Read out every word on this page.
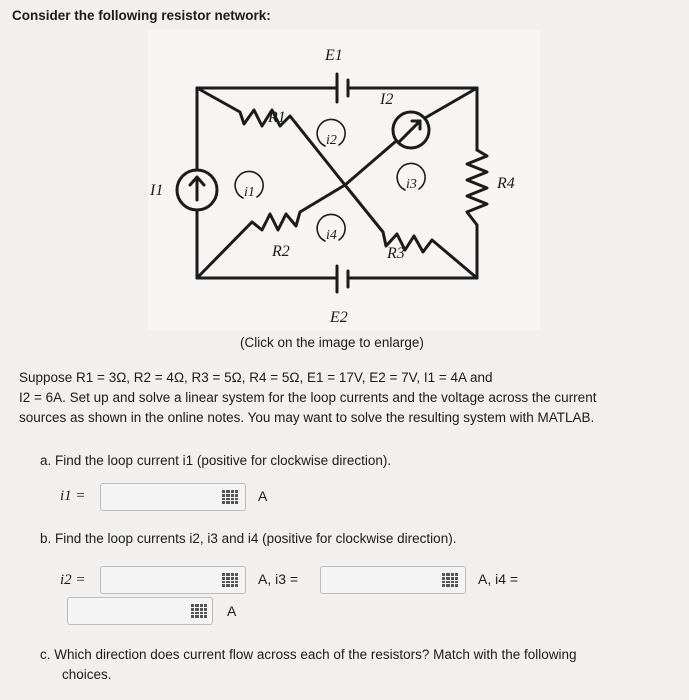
Consider the following resistor network:
E1
E2
I1
I2
R1
R2	R3
R4
i1
i2
i3
i4
(Click on the image to enlarge)
Suppose R1 = 3Ω, R2 = 4Ω, R3 = 5Ω, R4 = 5Ω, E1 = 17V, E2 = 7V, I1 = 4A and
I2 = 6A. Set up and solve a linear system for the loop currents and the voltage across the current
sources as shown in the online notes. You may want to solve the resulting system with MATLAB.
a. Find the loop current i1 (positive for clockwise direction).
i1 =	A
b. Find the loop currents i2, i3 and i4 (positive for clockwise direction).
i2 =	A, i3 =	A, i4 =
A
c. Which direction does current flow across each of the resistors? Match with the following
choices.
